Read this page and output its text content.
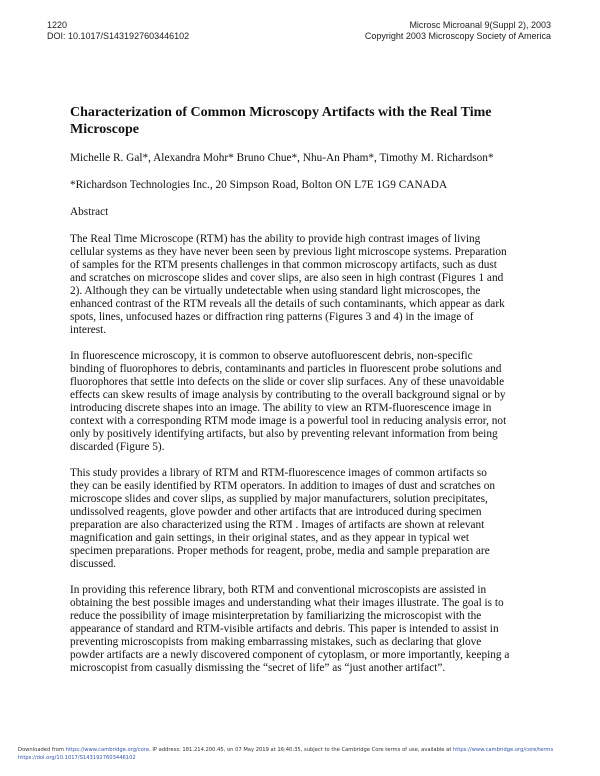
1220
DOI: 10.1017/S1431927603446102
Microsc Microanal 9(Suppl 2), 2003
Copyright 2003 Microscopy Society of America
Characterization of Common Microscopy Artifacts with the Real Time Microscope
Michelle R. Gal*, Alexandra Mohr* Bruno Chue*, Nhu-An Pham*, Timothy M. Richardson*
*Richardson Technologies Inc., 20 Simpson Road, Bolton ON L7E 1G9 CANADA
Abstract
The Real Time Microscope (RTM) has the ability to provide high contrast images of living
cellular systems as they have never been seen by previous light microscope systems. Preparation
of samples for the RTM presents challenges in that common microscopy artifacts, such as dust
and scratches on microscope slides and cover slips, are also seen in high contrast (Figures 1 and
2). Although they can be virtually undetectable when using standard light microscopes, the
enhanced contrast of the RTM reveals all the details of such contaminants, which appear as dark
spots, lines, unfocused hazes or diffraction ring patterns (Figures 3 and 4) in the image of
interest.
In fluorescence microscopy, it is common to observe autofluorescent debris, non-specific
binding of fluorophores to debris, contaminants and particles in fluorescent probe solutions and
fluorophores that settle into defects on the slide or cover slip surfaces. Any of these unavoidable
effects can skew results of image analysis by contributing to the overall background signal or by
introducing discrete shapes into an image. The ability to view an RTM-fluorescence image in
context with a corresponding RTM mode image is a powerful tool in reducing analysis error, not
only by positively identifying artifacts, but also by preventing relevant information from being
discarded (Figure 5).
This study provides a library of RTM and RTM-fluorescence images of common artifacts so
they can be easily identified by RTM operators. In addition to images of dust and scratches on
microscope slides and cover slips, as supplied by major manufacturers, solution precipitates,
undissolved reagents, glove powder and other artifacts that are introduced during specimen
preparation are also characterized using the RTM . Images of artifacts are shown at relevant
magnification and gain settings, in their original states, and as they appear in typical wet
specimen preparations. Proper methods for reagent, probe, media and sample preparation are
discussed.
In providing this reference library, both RTM and conventional microscopists are assisted in
obtaining the best possible images and understanding what their images illustrate. The goal is to
reduce the possibility of image misinterpretation by familiarizing the microscopist with the
appearance of standard and RTM-visible artifacts and debris. This paper is intended to assist in
preventing microscopists from making embarrassing mistakes, such as declaring that glove
powder artifacts are a newly discovered component of cytoplasm, or more importantly, keeping a
microscopist from casually dismissing the “secret of life” as “just another artifact”.
Downloaded from https://www.cambridge.org/core. IP address: 181.214.200.45, on 07 May 2019 at 16:40:35, subject to the Cambridge Core terms of use, available at https://www.cambridge.org/core/terms
https://doi.org/10.1017/S1431927603446102
